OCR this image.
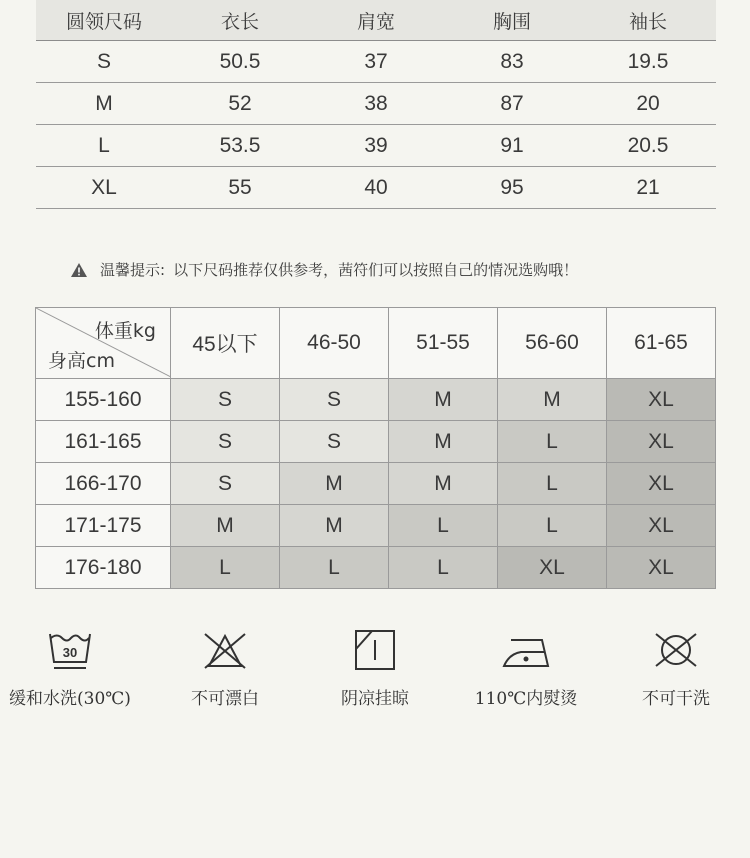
圆领尺码	衣长	肩宽	胸围	袖长
S	50.5	37	83	19.5
M	52	38	87	20
L	53.5	39	91	20.5
XL	55	40	95	21
温馨提示: 以下尺码推荐仅供参考，茜符们可以按照自己的情况选购哦！
体重kg
身高cm	45以下	46-50	51-55	56-60	61-65
155-160	S	S	M	M	XL
161-165	S	S	M	L	XL
166-170	S	M	M	L	XL
171-175	M	M	L	L	XL
176-180	L	L	L	XL	XL
30
缓和水洗(30℃)	不可漂白	阴凉挂晾	110℃内熨烫	不可干洗
